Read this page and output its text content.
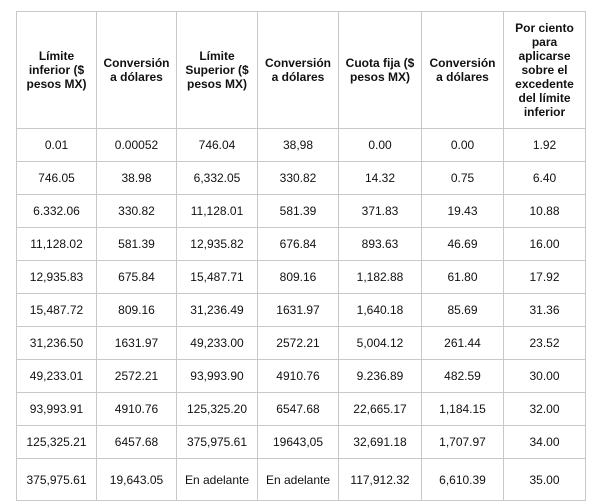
Límite inferior ($ pesos MX)	Conversión a dólares	Límite Superior ($ pesos MX)	Conversión a dólares	Cuota fija ($ pesos MX)	Conversión a dólares	Por ciento para aplicarse sobre el excedente del límite inferior
0.01	0.00052	746.04	38,98	0.00	0.00	1.92
746.05	38.98	6,332.05	330.82	14.32	0.75	6.40
6.332.06	330.82	11,128.01	581.39	371.83	19.43	10.88
11,128.02	581.39	12,935.82	676.84	893.63	46.69	16.00
12,935.83	675.84	15,487.71	809.16	1,182.88	61.80	17.92
15,487.72	809.16	31,236.49	1631.97	1,640.18	85.69	31.36
31,236.50	1631.97	49,233.00	2572.21	5,004.12	261.44	23.52
49,233.01	2572.21	93,993.90	4910.76	9.236.89	482.59	30.00
93,993.91	4910.76	125,325.20	6547.68	22,665.17	1,184.15	32.00
125,325.21	6457.68	375,975.61	19643,05	32,691.18	1,707.97	34.00
375,975.61	19,643.05	En adelante	En adelante	117,912.32	6,610.39	35.00
